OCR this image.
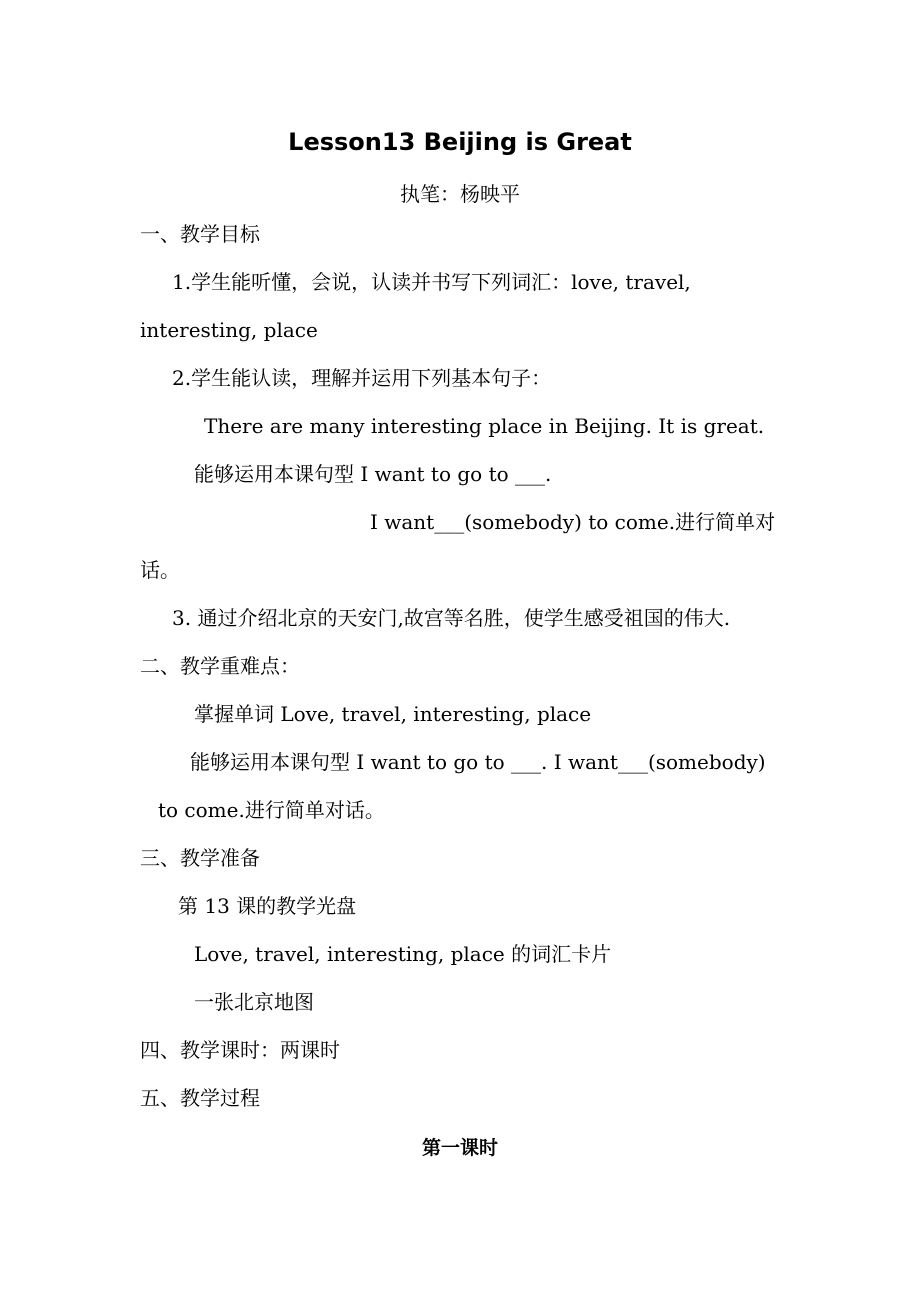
Lesson13 Beijing is Great
执笔：杨映平
一、教学目标
1.学生能听懂，会说，认读并书写下列词汇：love, travel,
interesting, place
2.学生能认读，理解并运用下列基本句子：
There are many interesting place in Beijing. It is great.
能够运用本课句型 I want to go to ___.
I want___(somebody) to come.进行简单对
话。
3. 通过介绍北京的天安门,故宫等名胜，使学生感受祖国的伟大.
二、教学重难点：
掌握单词 Love, travel, interesting, place
能够运用本课句型 I want to go to ___. I want___(somebody)
to come.进行简单对话。
三、教学准备
第 13 课的教学光盘
Love, travel, interesting, place 的词汇卡片
一张北京地图
四、教学课时：两课时
五、教学过程
第一课时
